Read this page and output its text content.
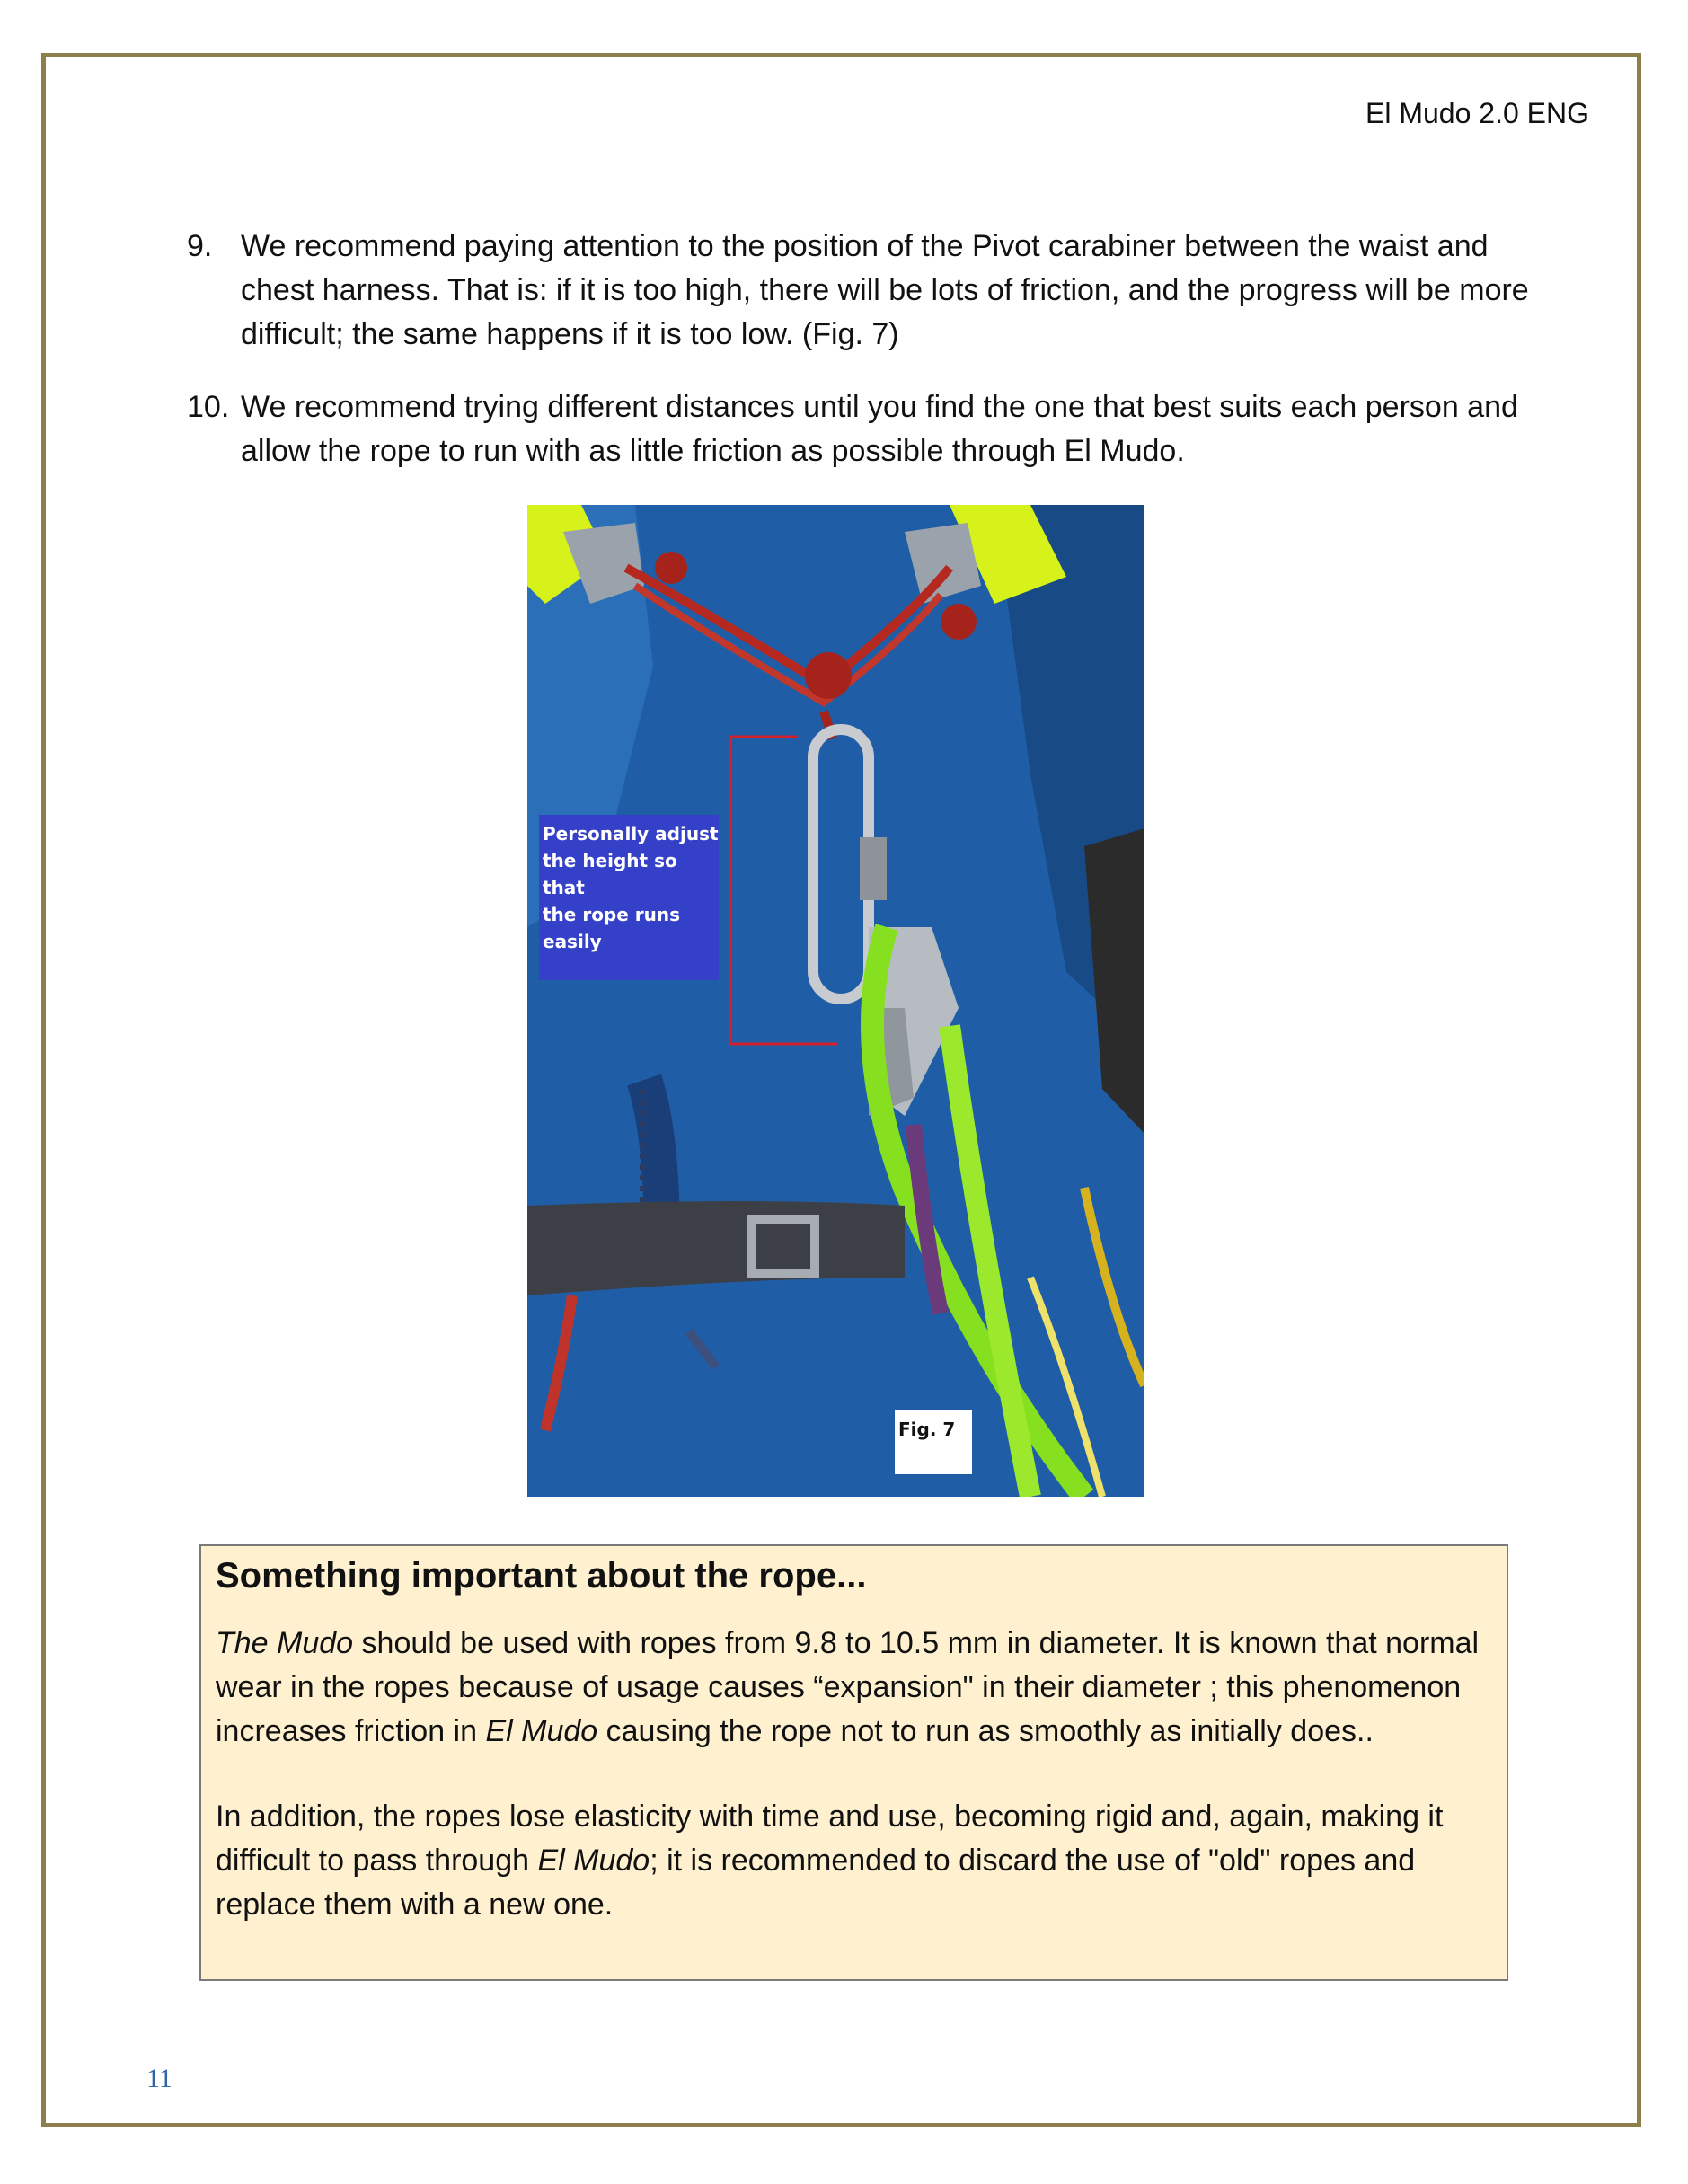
El Mudo 2.0 ENG
9. We recommend paying attention to the position of the Pivot carabiner between the waist and chest harness. That is: if it is too high, there will be lots of friction, and the progress will be more difficult; the same happens if it is too low. (Fig. 7)
10. We recommend trying different distances until you find the one that best suits each person and allow the rope to run with as little friction as possible through El Mudo.
Personally adjust
the height so that
the rope runs
easily
Fig. 7

Something important about the rope...

The Mudo should be used with ropes from 9.8 to 10.5 mm in diameter. It is known that normal wear in the ropes because of usage causes “expansion" in their diameter ; this phenomenon increases friction in El Mudo causing the rope not to run as smoothly as initially does..

In addition, the ropes lose elasticity with time and use, becoming rigid and, again, making it difficult to pass through El Mudo; it is recommended to discard the use of "old" ropes and replace them with a new one.

11
